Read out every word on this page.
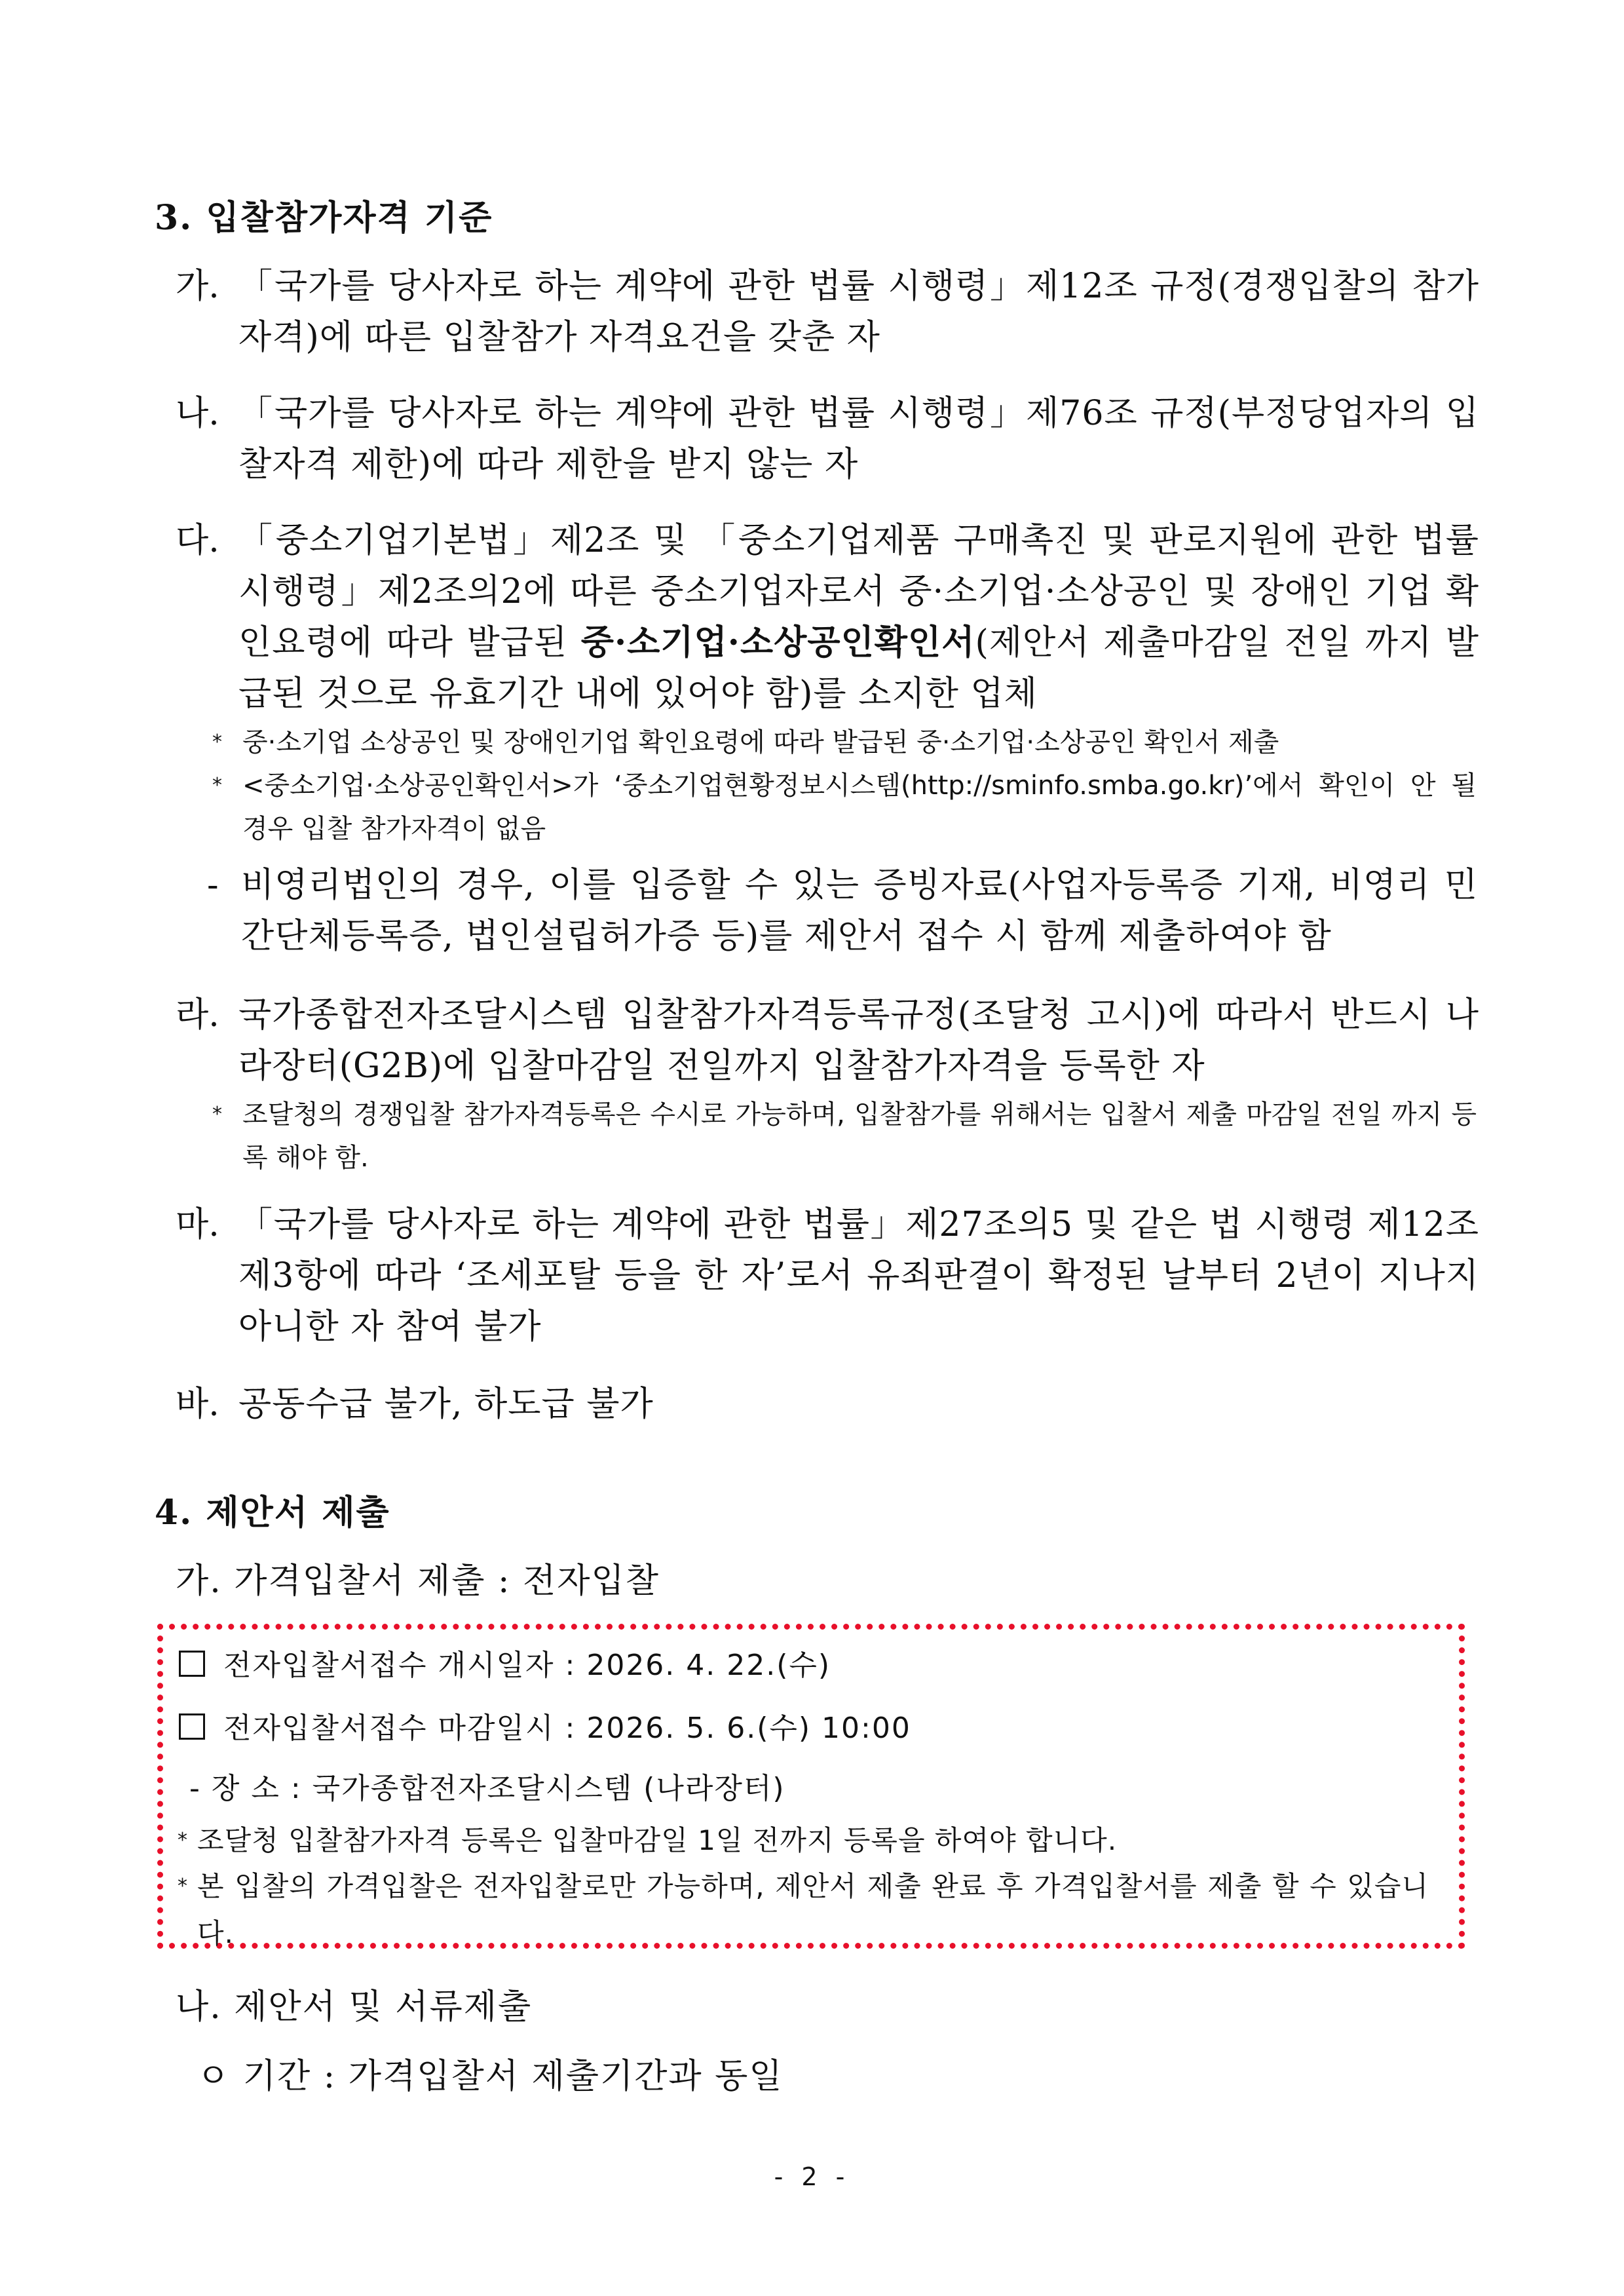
3. 입찰참가자격 기준
가. 「국가를 당사자로 하는 계약에 관한 법률 시행령」제12조 규정(경쟁입찰의 참가자격)에 따른 입찰참가 자격요건을 갖춘 자
나. 「국가를 당사자로 하는 계약에 관한 법률 시행령」제76조 규정(부정당업자의 입찰자격 제한)에 따라 제한을 받지 않는 자
다. 「중소기업기본법」제2조 및 「중소기업제품 구매촉진 및 판로지원에 관한 법률 시행령」제2조의2에 따른 중소기업자로서 중·소기업·소상공인 및 장애인 기업 확인요령에 따라 발급된 중·소기업·소상공인확인서(제안서 제출마감일 전일 까지 발급된 것으로 유효기간 내에 있어야 함)를 소지한 업체
* 중·소기업 소상공인 및 장애인기업 확인요령에 따라 발급된 중·소기업·소상공인 확인서 제출
* <중소기업·소상공인확인서>가 ‘중소기업현황정보시스템(http://sminfo.smba.go.kr)’에서 확인이 안 될 경우 입찰 참가자격이 없음
- 비영리법인의 경우, 이를 입증할 수 있는 증빙자료(사업자등록증 기재, 비영리 민간단체등록증, 법인설립허가증 등)를 제안서 접수 시 함께 제출하여야 함
라. 국가종합전자조달시스템 입찰참가자격등록규정(조달청 고시)에 따라서 반드시 나라장터(G2B)에 입찰마감일 전일까지 입찰참가자격을 등록한 자
* 조달청의 경쟁입찰 참가자격등록은 수시로 가능하며, 입찰참가를 위해서는 입찰서 제출 마감일 전일 까지 등록 해야 함.
마. 「국가를 당사자로 하는 계약에 관한 법률」제27조의5 및 같은 법 시행령 제12조 제3항에 따라 ‘조세포탈 등을 한 자’로서 유죄판결이 확정된 날부터 2년이 지나지 아니한 자 참여 불가
바. 공동수급 불가, 하도급 불가
4. 제안서 제출
가. 가격입찰서 제출 : 전자입찰
전자입찰서접수 개시일자 : 2026. 4. 22.(수)
전자입찰서접수 마감일시 : 2026. 5. 6.(수) 10:00
- 장 소 : 국가종합전자조달시스템 (나라장터)
* 조달청 입찰참가자격 등록은 입찰마감일 1일 전까지 등록을 하여야 합니다.
* 본 입찰의 가격입찰은 전자입찰로만 가능하며, 제안서 제출 완료 후 가격입찰서를 제출 할 수 있습니다.
나. 제안서 및 서류제출
ㅇ 기간 : 가격입찰서 제출기간과 동일
- 2 -
